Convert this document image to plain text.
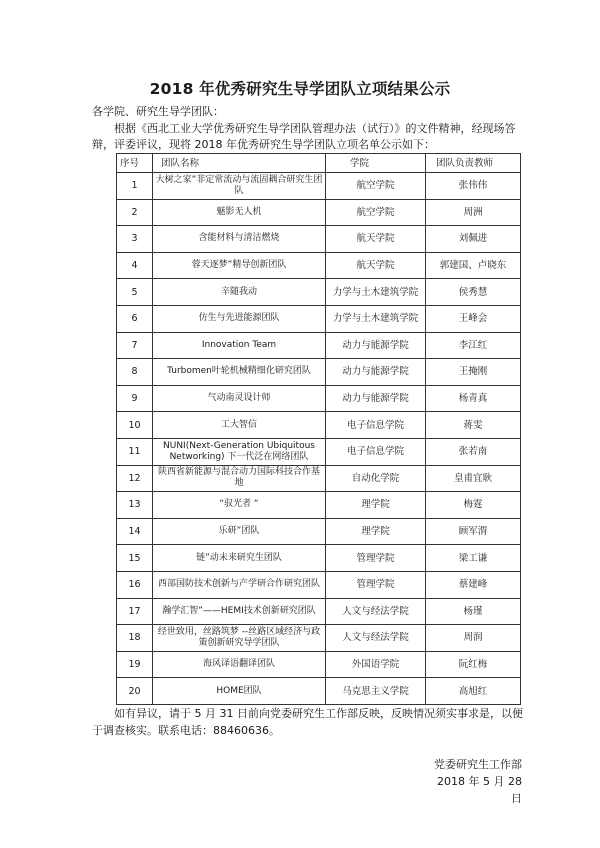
2018 年优秀研究生导学团队立项结果公示
各学院、研究生导学团队：
根据《西北工业大学优秀研究生导学团队管理办法（试行）》的文件精神，经现场答辩，评委评议，现将 2018 年优秀研究生导学团队立项名单公示如下：
序号	团队名称	学院	团队负责教师
1	大树之家”非定常流动与流固耦合研究生团队	航空学院	张伟伟
2	魅影无人机	航空学院	周洲
3	含能材料与清洁燃烧	航天学院	刘佩进
4	蓉天逐梦”精导创新团队	航天学院	郭建国、卢晓东
5	辛随我动	力学与土木建筑学院	侯秀慧
6	仿生与先进能源团队	力学与土木建筑学院	王峰会
7	Innovation Team	动力与能源学院	李江红
8	Turbomen叶轮机械精细化研究团队	动力与能源学院	王掩刚
9	气动南灵设计师	动力与能源学院	杨青真
10	工大智信	电子信息学院	蒋雯
11	NUNI(Next-Generation Ubiquitous Networking) 下一代泛在网络团队	电子信息学院	张若南
12	陕西省新能源与混合动力国际科技合作基地	自动化学院	皇甫宜耿
13	“驭光者 “	理学院	梅霆
14	乐研”团队	理学院	顾军渭
15	链”动未来研究生团队	管理学院	梁工谦
16	西部国防技术创新与产学研合作研究团队	管理学院	蔡建峰
17	瀚学汇智”——HEMI技术创新研究团队	人文与经法学院	杨瑾
18	经世致用，丝路筑梦 --丝路区域经济与政策创新研究导学团队	人文与经法学院	周润
19	海风译语翻译团队	外国语学院	阮红梅
20	HOME团队	马克思主义学院	高旭红
如有异议，请于 5 月 31 日前向党委研究生工作部反映，反映情况须实事求是，以便于调查核实。联系电话：88460636。
党委研究生工作部
2018 年 5 月 28 日
